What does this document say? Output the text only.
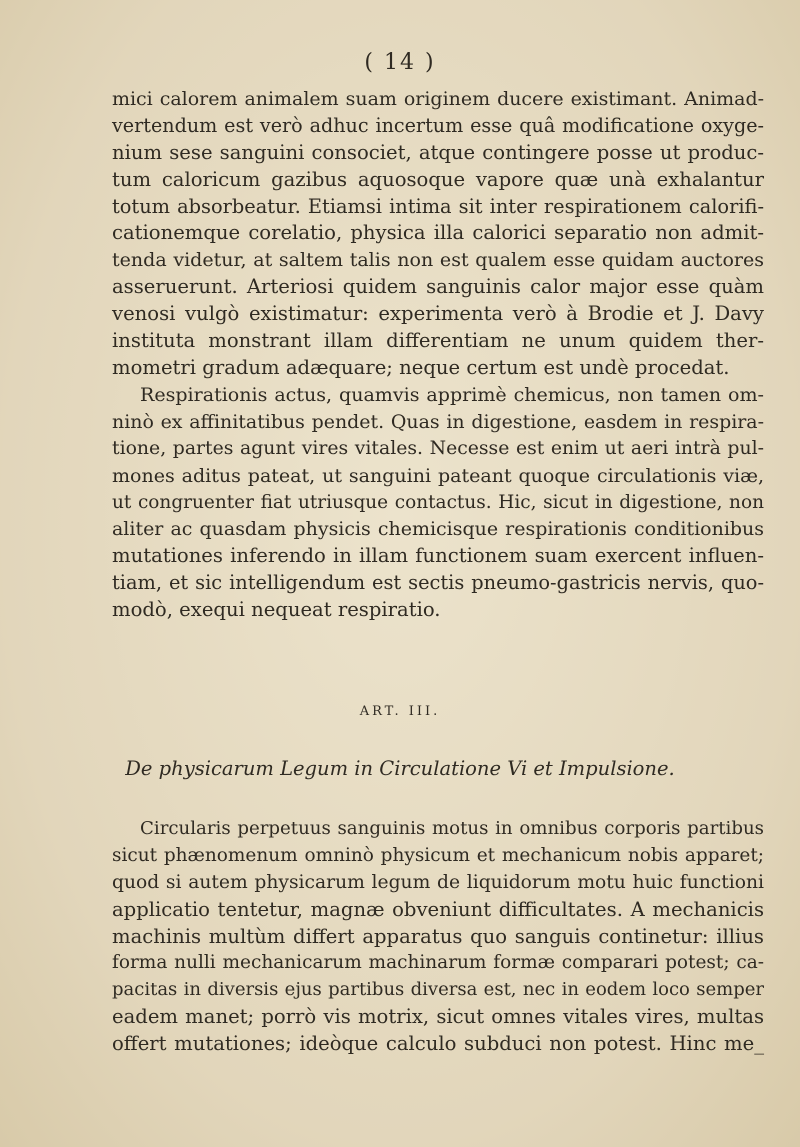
( 14 )
mici calorem animalem suam originem ducere existimant. Animad-
vertendum est verò adhuc incertum esse quâ modificatione oxyge-
nium sese sanguini consociet, atque contingere posse ut produc-
tum caloricum gazibus aquosoque vapore quæ unà exhalantur
totum absorbeatur. Etiamsi intima sit inter respirationem calorifi-
cationemque corelatio, physica illa calorici separatio non admit-
tenda videtur, at saltem talis non est qualem esse quidam auctores
asseruerunt. Arteriosi quidem sanguinis calor major esse quàm
venosi vulgò existimatur: experimenta verò à Brodie et J. Davy
instituta monstrant illam differentiam ne unum quidem ther-
mometri gradum adæquare; neque certum est undè procedat.
Respirationis actus, quamvis apprimè chemicus, non tamen om-
ninò ex affinitatibus pendet. Quas in digestione, easdem in respira-
tione, partes agunt vires vitales. Necesse est enim ut aeri intrà pul-
mones aditus pateat, ut sanguini pateant quoque circulationis viæ,
ut congruenter fiat utriusque contactus. Hic, sicut in digestione, non
aliter ac quasdam physicis chemicisque respirationis conditionibus
mutationes inferendo in illam functionem suam exercent influen-
tiam, et sic intelligendum est sectis pneumo-gastricis nervis, quo-
modò, exequi nequeat respiratio.
ART. III.
De physicarum Legum in Circulatione Vi et Impulsione.
Circularis perpetuus sanguinis motus in omnibus corporis partibus
sicut phænomenum omninò physicum et mechanicum nobis apparet;
quod si autem physicarum legum de liquidorum motu huic functioni
applicatio tentetur, magnæ obveniunt difficultates. A mechanicis
machinis multùm differt apparatus quo sanguis continetur: illius
forma nulli mechanicarum machinarum formæ comparari potest; ca-
pacitas in diversis ejus partibus diversa est, nec in eodem loco semper
eadem manet; porrò vis motrix, sicut omnes vitales vires, multas
offert mutationes; ideòque calculo subduci non potest. Hinc me_
